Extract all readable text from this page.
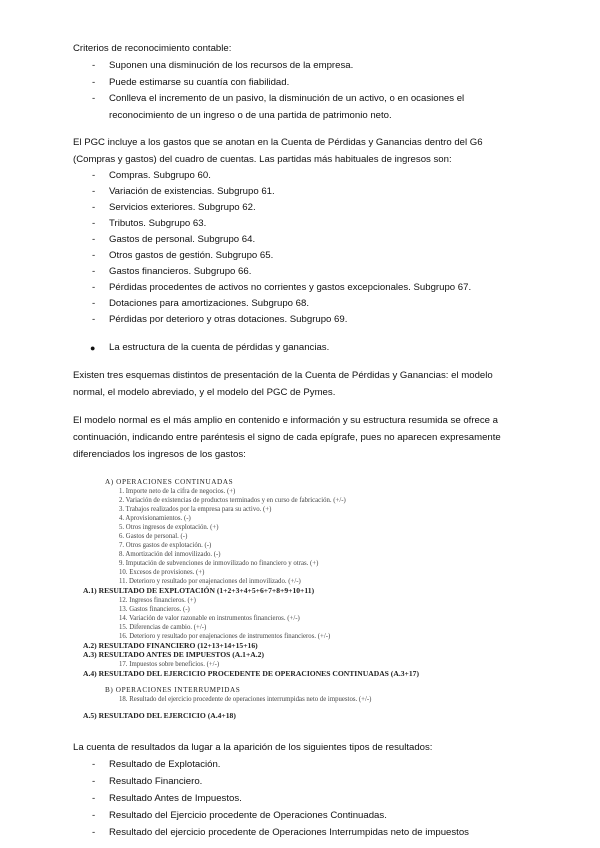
Criterios de reconocimiento contable:
- Suponen una disminución de los recursos de la empresa.
- Puede estimarse su cuantía con fiabilidad.
- Conlleva el incremento de un pasivo, la disminución de un activo, o en ocasiones el
reconocimiento de un ingreso o de una partida de patrimonio neto.
El PGC incluye a los gastos que se anotan en la Cuenta de Pérdidas y Ganancias dentro del G6
(Compras y gastos) del cuadro de cuentas. Las partidas más habituales de ingresos son:
- Compras. Subgrupo 60.
- Variación de existencias. Subgrupo 61.
- Servicios exteriores. Subgrupo 62.
- Tributos. Subgrupo 63.
- Gastos de personal. Subgrupo 64.
- Otros gastos de gestión. Subgrupo 65.
- Gastos financieros. Subgrupo 66.
- Pérdidas procedentes de activos no corrientes y gastos excepcionales. Subgrupo 67.
- Dotaciones para amortizaciones. Subgrupo 68.
- Pérdidas por deterioro y otras dotaciones. Subgrupo 69.
● La estructura de la cuenta de pérdidas y ganancias.
Existen tres esquemas distintos de presentación de la Cuenta de Pérdidas y Ganancias: el modelo
normal, el modelo abreviado, y el modelo del PGC de Pymes.
El modelo normal es el más amplio en contenido e información y su estructura resumida se ofrece a
continuación, indicando entre paréntesis el signo de cada epígrafe, pues no aparecen expresamente
diferenciados los ingresos de los gastos:
A) OPERACIONES CONTINUADAS
1. Importe neto de la cifra de negocios. (+)
2. Variación de existencias de productos terminados y en curso de fabricación. (+/-)
3. Trabajos realizados por la empresa para su activo. (+)
4. Aprovisionamientos. (-)
5. Otros ingresos de explotación. (+)
6. Gastos de personal. (-)
7. Otros gastos de explotación. (-)
8. Amortización del inmovilizado. (-)
9. Imputación de subvenciones de inmovilizado no financiero y otras. (+)
10. Excesos de provisiones. (+)
11. Deterioro y resultado por enajenaciones del inmovilizado. (+/-)
A.1) RESULTADO DE EXPLOTACIÓN (1+2+3+4+5+6+7+8+9+10+11)
12. Ingresos financieros. (+)
13. Gastos financieros. (-)
14. Variación de valor razonable en instrumentos financieros. (+/-)
15. Diferencias de cambio. (+/-)
16. Deterioro y resultado por enajenaciones de instrumentos financieros. (+/-)
A.2) RESULTADO FINANCIERO (12+13+14+15+16)
A.3) RESULTADO ANTES DE IMPUESTOS (A.1+A.2)
17. Impuestos sobre beneficios. (+/-)
A.4) RESULTADO DEL EJERCICIO PROCEDENTE DE OPERACIONES CONTINUADAS (A.3+17)
B) OPERACIONES INTERRUMPIDAS
18. Resultado del ejercicio procedente de operaciones interrumpidas neto de impuestos. (+/-)
A.5) RESULTADO DEL EJERCICIO (A.4+18)
La cuenta de resultados da lugar a la aparición de los siguientes tipos de resultados:
- Resultado de Explotación.
- Resultado Financiero.
- Resultado Antes de Impuestos.
- Resultado del Ejercicio procedente de Operaciones Continuadas.
- Resultado del ejercicio procedente de Operaciones Interrumpidas neto de impuestos
